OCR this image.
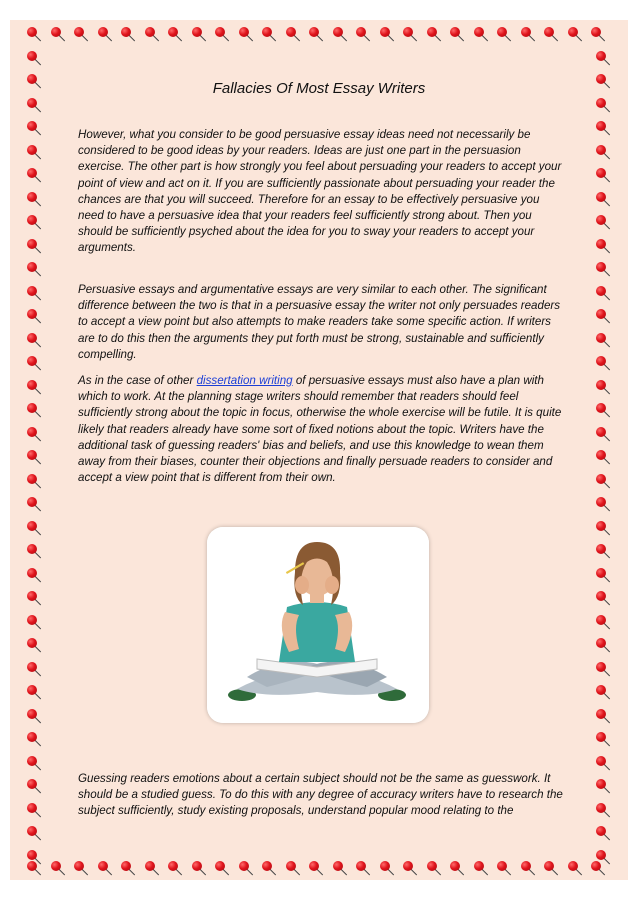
Fallacies Of Most Essay Writers

However, what you consider to be good persuasive essay ideas need not necessarily be considered to be good ideas by your readers. Ideas are just one part in the persuasion exercise. The other part is how strongly you feel about persuading your readers to accept your point of view and act on it. If you are sufficiently passionate about persuading your reader the chances are that you will succeed. Therefore for an essay to be effectively persuasive you need to have a persuasive idea that your readers feel sufficiently strong about. Then you should be sufficiently psyched about the idea for you to sway your readers to accept your arguments.

Persuasive essays and argumentative essays are very similar to each other. The significant difference between the two is that in a persuasive essay the writer not only persuades readers to accept a view point but also attempts to make readers take some specific action. If writers are to do this then the arguments they put forth must be strong, sustainable and sufficiently compelling.

As in the case of other dissertation writing of persuasive essays must also have a plan with which to work. At the planning stage writers should remember that readers should feel sufficiently strong about the topic in focus, otherwise the whole exercise will be futile. It is quite likely that readers already have some sort of fixed notions about the topic. Writers have the additional task of guessing readers' bias and beliefs, and use this knowledge to wean them away from their biases, counter their objections and finally persuade readers to consider and accept a view point that is different from their own.

Guessing readers emotions about a certain subject should not be the same as guesswork. It should be a studied guess. To do this with any degree of accuracy writers have to research the subject sufficiently, study existing proposals, understand popular mood relating to the
